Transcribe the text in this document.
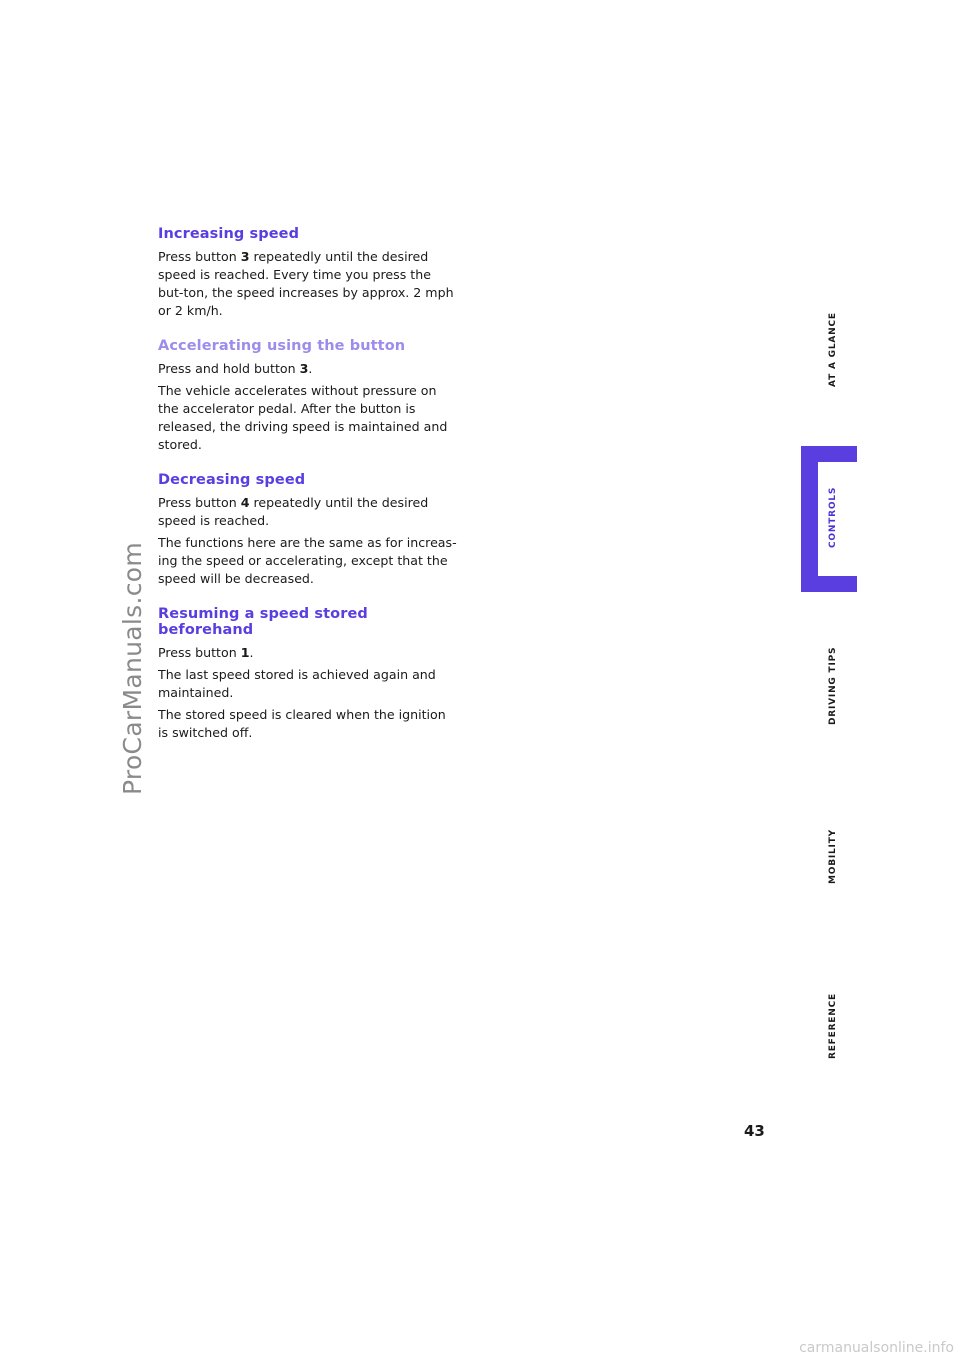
ProCarManuals.com
Increasing speed

Press button 3 repeatedly until the desired speed is reached. Every time you press the but-ton, the speed increases by approx. 2 mph or 2 km/h.

Accelerating using the button

Press and hold button 3.

The vehicle accelerates without pressure on the accelerator pedal. After the button is released, the driving speed is maintained and stored.

Decreasing speed

Press button 4 repeatedly until the desired speed is reached.

The functions here are the same as for increas-ing the speed or accelerating, except that the speed will be decreased.

Resuming a speed stored beforehand

Press button 1.

The last speed stored is achieved again and maintained.

The stored speed is cleared when the ignition is switched off.

AT A GLANCE
CONTROLS
DRIVING TIPS
MOBILITY
REFERENCE
43
carmanualsonline.info
